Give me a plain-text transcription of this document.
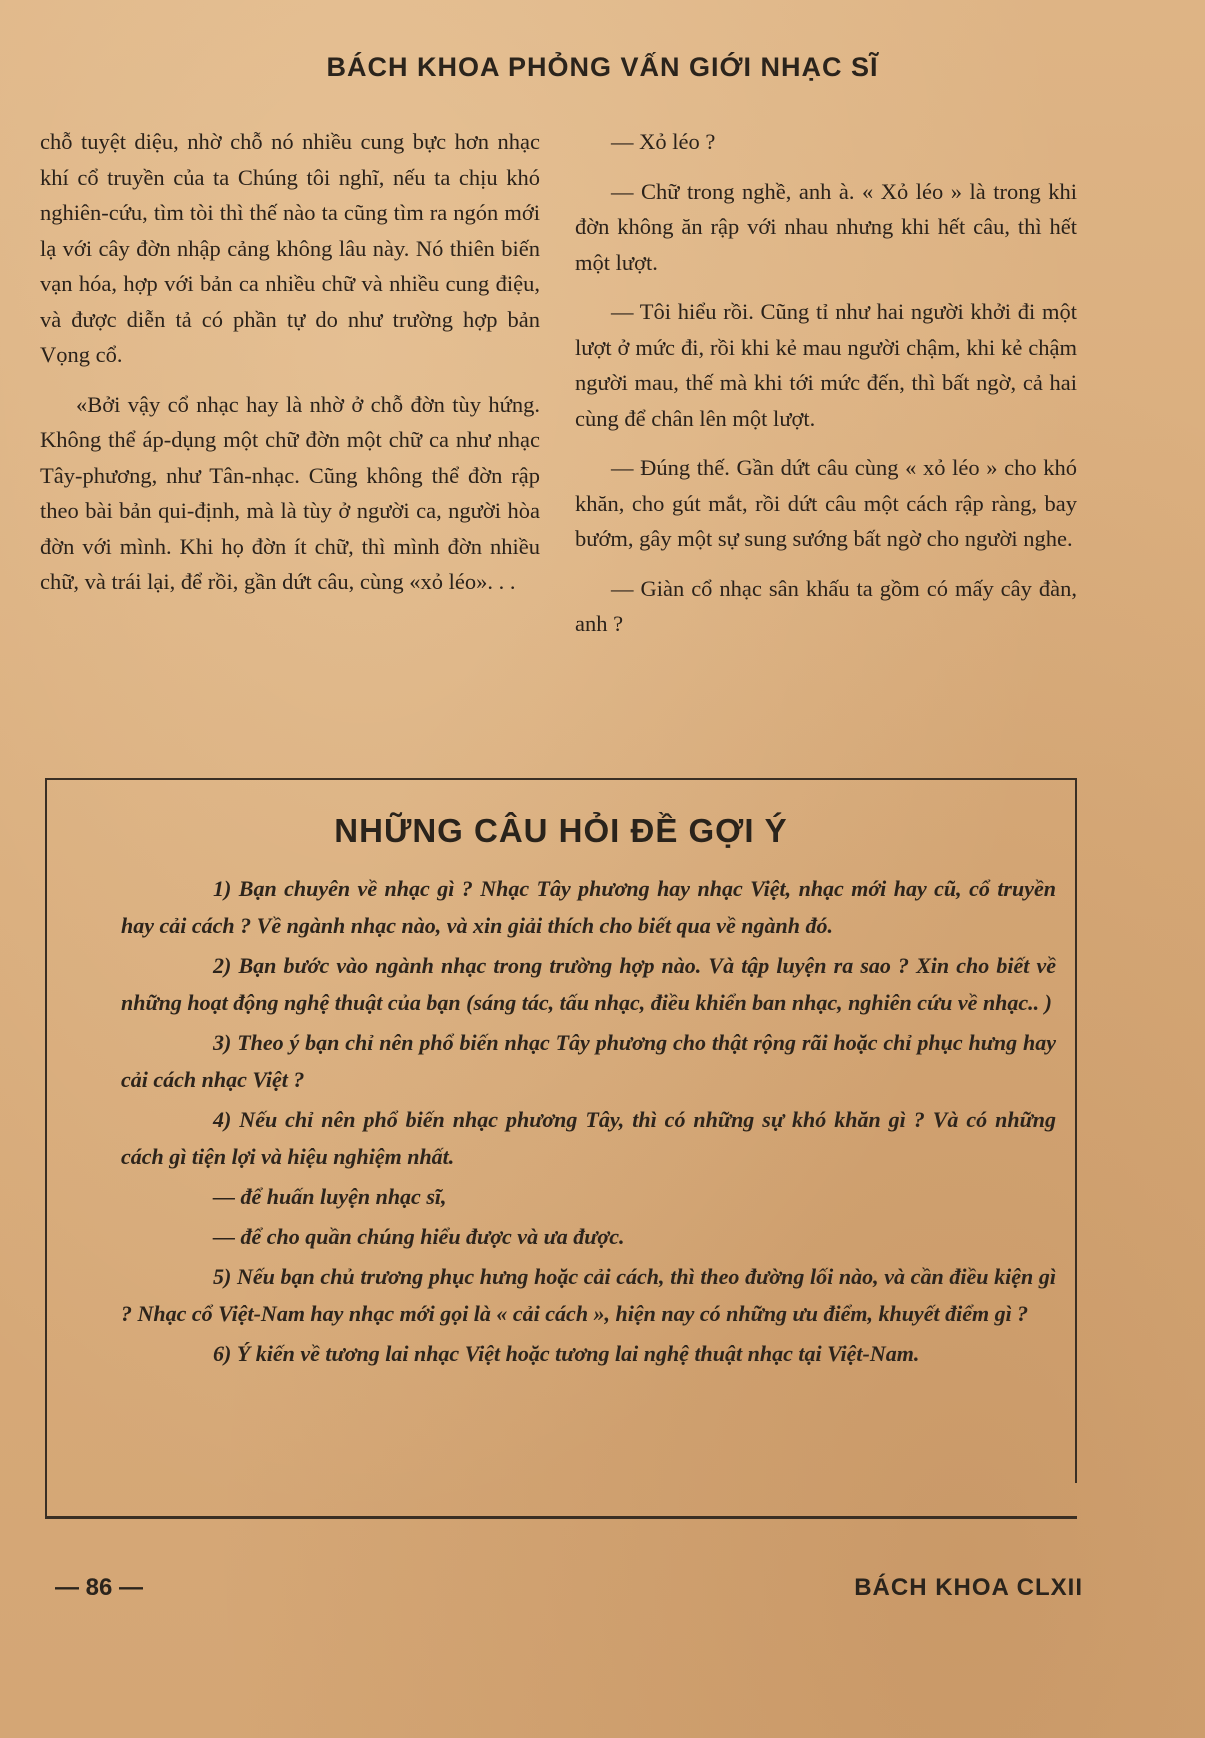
BÁCH KHOA PHỎNG VẤN GIỚI NHẠC SĨ

chỗ tuyệt diệu, nhờ chỗ nó nhiều cung bực hơn nhạc khí cổ truyền của ta Chúng tôi nghĩ, nếu ta chịu khó nghiên-cứu, tìm tòi thì thế nào ta cũng tìm ra ngón mới lạ với cây đờn nhập cảng không lâu này. Nó thiên biến vạn hóa, hợp với bản ca nhiều chữ và nhiều cung điệu, và được diễn tả có phần tự do như trường hợp bản Vọng cổ.

«Bởi vậy cổ nhạc hay là nhờ ở chỗ đờn tùy hứng. Không thể áp-dụng một chữ đờn một chữ ca như nhạc Tây-phương, như Tân-nhạc. Cũng không thể đờn rập theo bài bản qui-định, mà là tùy ở người ca, người hòa đờn với mình. Khi họ đờn ít chữ, thì mình đờn nhiều chữ, và trái lại, để rồi, gần dứt câu, cùng «xỏ léo». . .

— Xỏ léo ?

— Chữ trong nghề, anh à. « Xỏ léo » là trong khi đờn không ăn rập với nhau nhưng khi hết câu, thì hết một lượt.

— Tôi hiểu rồi. Cũng tỉ như hai người khởi đi một lượt ở mức đi, rồi khi kẻ mau người chậm, khi kẻ chậm người mau, thế mà khi tới mức đến, thì bất ngờ, cả hai cùng để chân lên một lượt.

— Đúng thế. Gần dứt câu cùng « xỏ léo » cho khó khăn, cho gút mắt, rồi dứt câu một cách rập ràng, bay bướm, gây một sự sung sướng bất ngờ cho người nghe.

— Giàn cổ nhạc sân khấu ta gồm có mấy cây đàn, anh ?

NHỮNG CÂU HỎI ĐỀ GỢI Ý

1) Bạn chuyên về nhạc gì ? Nhạc Tây phương hay nhạc Việt, nhạc mới hay cũ, cổ truyền hay cải cách ? Về ngành nhạc nào, và xin giải thích cho biết qua về ngành đó.

2) Bạn bước vào ngành nhạc trong trường hợp nào. Và tập luyện ra sao ? Xin cho biết về những hoạt động nghệ thuật của bạn (sáng tác, tấu nhạc, điều khiển ban nhạc, nghiên cứu về nhạc.. )

3) Theo ý bạn chỉ nên phổ biến nhạc Tây phương cho thật rộng rãi hoặc chỉ phục hưng hay cải cách nhạc Việt ?

4) Nếu chỉ nên phổ biến nhạc phương Tây, thì có những sự khó khăn gì ? Và có những cách gì tiện lợi và hiệu nghiệm nhất.

— để huấn luyện nhạc sĩ,

— để cho quần chúng hiểu được và ưa được.

5) Nếu bạn chủ trương phục hưng hoặc cải cách, thì theo đường lối nào, và cần điều kiện gì ? Nhạc cổ Việt-Nam hay nhạc mới gọi là « cải cách », hiện nay có những ưu điểm, khuyết điểm gì ?

6) Ý kiến về tương lai nhạc Việt hoặc tương lai nghệ thuật nhạc tại Việt-Nam.

— 86 —	BÁCH KHOA CLXII
